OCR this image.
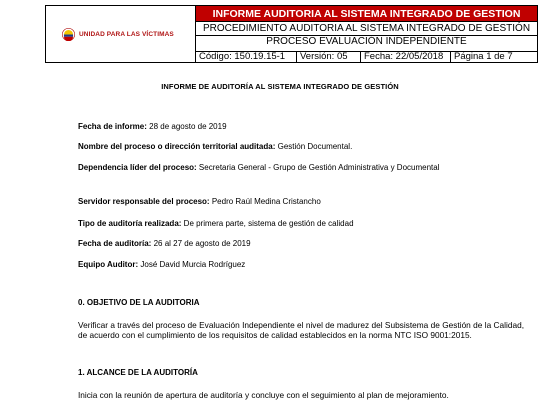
UNIDAD PARA LAS VÍCTIMAS
INFORME AUDITORIA AL SISTEMA INTEGRADO DE GESTION
PROCEDIMIENTO AUDITORIA AL SISTEMA INTEGRADO DE GESTIÓN
PROCESO EVALUACIÓN INDEPENDIENTE
Código: 150.19.15-1	Versión: 05	Fecha: 22/05/2018	Página 1 de 7
INFORME DE AUDITORÍA AL SISTEMA INTEGRADO DE GESTIÓN
Fecha de informe: 28 de agosto de 2019
Nombre del proceso o dirección territorial auditada: Gestión Documental.
Dependencia líder del proceso: Secretaria General - Grupo de Gestión Administrativa y Documental
Servidor responsable del proceso: Pedro Raúl Medina Cristancho
Tipo de auditoría realizada: De primera parte, sistema de gestión de calidad
Fecha de auditoría: 26 al 27 de agosto de 2019
Equipo Auditor: José David Murcia Rodríguez
0. OBJETIVO DE LA AUDITORIA
Verificar a través del proceso de Evaluación Independiente el nivel de madurez del Subsistema de Gestión de la Calidad, de acuerdo con el cumplimiento de los requisitos de calidad establecidos en la norma NTC ISO 9001:2015.
1. ALCANCE DE LA AUDITORÍA
Inicia con la reunión de apertura de auditoría y concluye con el seguimiento al plan de mejoramiento.
